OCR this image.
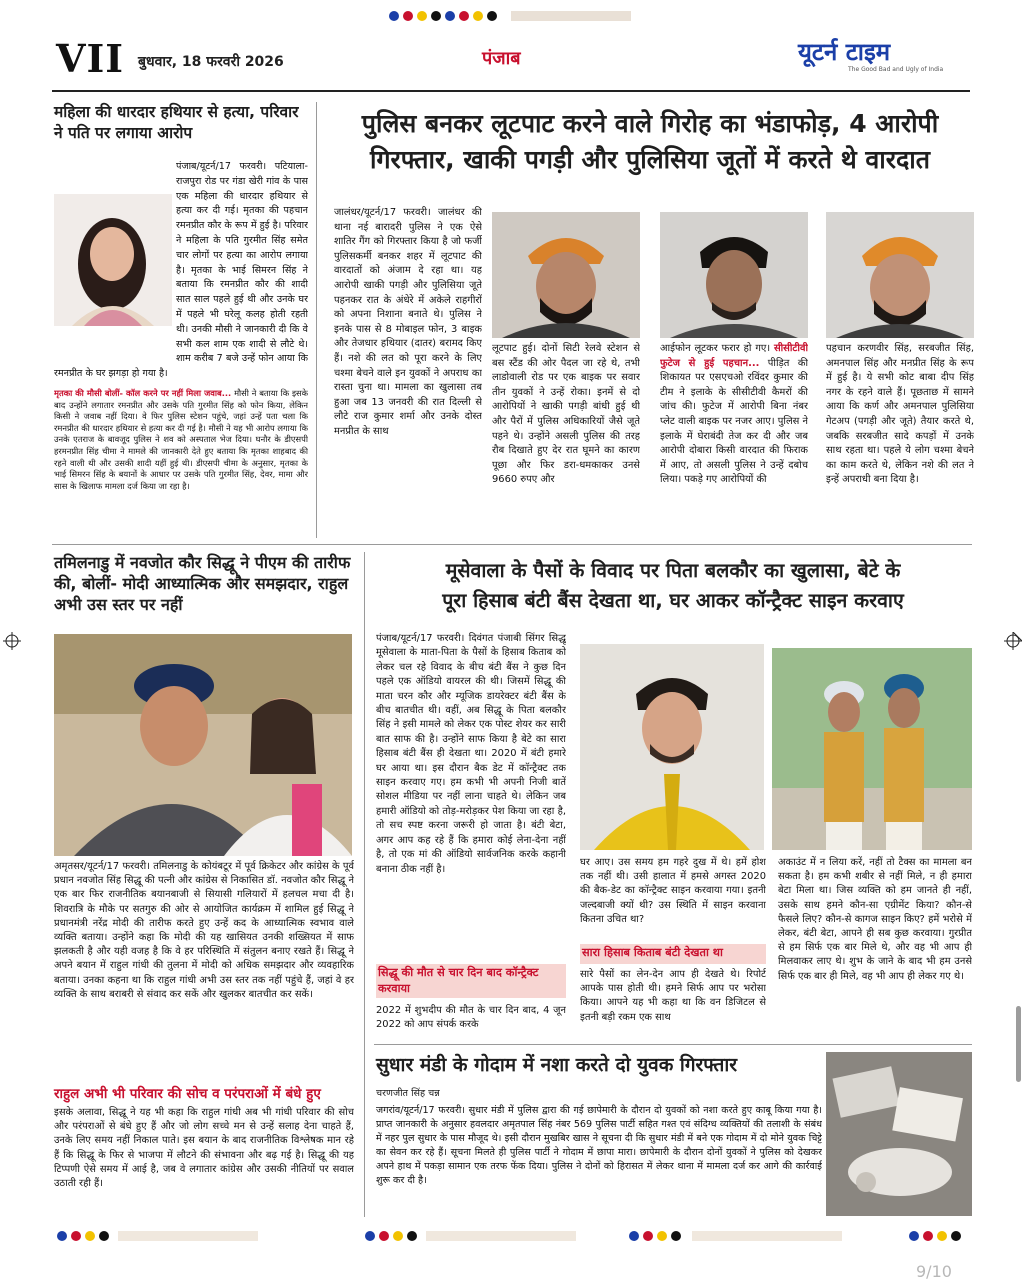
VII बुधवार, 18 फरवरी 2026	पंजाब	यूटर्न टाइम
The Good Bad and Ugly of India
महिला की धारदार हथियार से हत्या, परिवार ने पति पर लगाया आरोप
पंजाब/यूटर्न/17 फरवरी। पटियाला-राजपुरा रोड पर गंडा खेरी गांव के पास एक महिला की धारदार हथियार से हत्या कर दी गई। मृतका की पहचान रमनप्रीत कौर के रूप में हुई है। परिवार ने महिला के पति गुरमीत सिंह समेत चार लोगों पर हत्या का आरोप लगाया है। मृतका के भाई सिमरन सिंह ने बताया कि रमनप्रीत कौर की शादी सात साल पहले हुई थी और उनके घर में पहले भी घरेलू कलह होती रहती थी। उनकी मौसी ने जानकारी दी कि वे सभी कल शाम एक शादी से लौटे थे। शाम करीब 7 बजे उन्हें फोन आया कि रमनप्रीत के घर झगड़ा हो गया है।
मृतका की मौसी बोलीं- कॉल करने पर नहीं मिला जवाब... मौसी ने बताया कि इसके बाद उन्होंने लगातार रमनप्रीत और उसके पति गुरमीत सिंह को फोन किया, लेकिन किसी ने जवाब नहीं दिया। वे फिर पुलिस स्टेशन पहुंचे, जहां उन्हें पता चला कि रमनप्रीत की धारदार हथियार से हत्या कर दी गई है। मौसी ने यह भी आरोप लगाया कि उनके एतराज के बावजूद पुलिस ने शव को अस्पताल भेज दिया। घनौर के डीएसपी हरमनप्रीत सिंह चीमा ने मामले की जानकारी देते हुए बताया कि मृतका शाहबाद की रहने वाली थी और उसकी शादी यहीं हुई थी। डीएसपी चीमा के अनुसार, मृतका के भाई सिमरन सिंह के बयानों के आधार पर उसके पति गुरमीत सिंह, देवर, मामा और सास के खिलाफ मामला दर्ज किया जा रहा है।
पुलिस बनकर लूटपाट करने वाले गिरोह का भंडाफोड़, 4 आरोपी
गिरफ्तार, खाकी पगड़ी और पुलिसिया जूतों में करते थे वारदात
जालंधर/यूटर्न/17 फरवरी। जालंधर की थाना नई बारादरी पुलिस ने एक ऐसे शातिर गैंग को गिरफ्तार किया है जो फर्जी पुलिसकर्मी बनकर शहर में लूटपाट की वारदातों को अंजाम दे रहा था। यह आरोपी खाकी पगड़ी और पुलिसिया जूते पहनकर रात के अंधेरे में अकेले राहगीरों को अपना निशाना बनाते थे। पुलिस ने इनके पास से 8 मोबाइल फोन, 3 बाइक और तेजधार हथियार (दातर) बरामद किए हैं। नशे की लत को पूरा करने के लिए चश्मा बेचने वाले इन युवकों ने अपराध का रास्ता चुना था। मामला का खुलासा तब हुआ जब 13 जनवरी की रात दिल्ली से लौटे राज कुमार शर्मा और उनके दोस्त मनप्रीत के साथ
लूटपाट हुई। दोनों सिटी रेलवे स्टेशन से बस स्टैंड की ओर पैदल जा रहे थे, तभी लाडोवाली रोड पर एक बाइक पर सवार तीन युवकों ने उन्हें रोका। इनमें से दो आरोपियों ने खाकी पगड़ी बांधी हुई थी और पैरों में पुलिस अधिकारियों जैसे जूते पहने थे। उन्होंने असली पुलिस की तरह रौब दिखाते हुए देर रात घूमने का कारण पूछा और फिर डरा-धमकाकर उनसे 9660 रुपए और
आईफोन लूटकर फरार हो गए। सीसीटीवी फुटेज से हुई पहचान... पीड़ित की शिकायत पर एसएचओ रविंदर कुमार की टीम ने इलाके के सीसीटीवी कैमरों की जांच की। फुटेज में आरोपी बिना नंबर प्लेट वाली बाइक पर नजर आए। पुलिस ने इलाके में घेराबंदी तेज कर दी और जब आरोपी दोबारा किसी वारदात की फिराक में आए, तो असली पुलिस ने उन्हें दबोच लिया। पकड़े गए आरोपियों की
पहचान करणवीर सिंह, सरबजीत सिंह, अमनपाल सिंह और मनप्रीत सिंह के रूप में हुई है। ये सभी कोट बाबा दीप सिंह नगर के रहने वाले हैं। पूछताछ में सामने आया कि कर्ण और अमनपाल पुलिसिया गेटअप (पगड़ी और जूते) तैयार करते थे, जबकि सरबजीत सादे कपड़ों में उनके साथ रहता था। पहले ये लोग चश्मा बेचने का काम करते थे, लेकिन नशे की लत ने इन्हें अपराधी बना दिया है।
तमिलनाडु में नवजोत कौर सिद्धू ने पीएम की तारीफ की, बोलीं- मोदी आध्यात्मिक और समझदार, राहुल अभी उस स्तर पर नहीं
अमृतसर/यूटर्न/17 फरवरी। तमिलनाडु के कोयंबटूर में पूर्व क्रिकेटर और कांग्रेस के पूर्व प्रधान नवजोत सिंह सिद्धू की पत्नी और कांग्रेस से निकासित डॉ. नवजोत कौर सिद्धू ने एक बार फिर राजनीतिक बयानबाजी से सियासी गलियारों में हलचल मचा दी है। शिवरात्रि के मौके पर सतगुरु की ओर से आयोजित कार्यक्रम में शामिल हुई सिद्धू ने प्रधानमंत्री नरेंद्र मोदी की तारीफ करते हुए उन्हें कद के आध्यात्मिक स्वभाव वाले व्यक्ति बताया। उन्होंने कहा कि मोदी की यह खासियत उनकी शख्सियत में साफ झलकती है और यही वजह है कि वे हर परिस्थिति में संतुलन बनाए रखते हैं। सिद्धू ने अपने बयान में राहुल गांधी की तुलना में मोदी को अधिक समझदार और व्यवहारिक बताया। उनका कहना था कि राहुल गांधी अभी उस स्तर तक नहीं पहुंचे हैं, जहां वे हर व्यक्ति के साथ बराबरी से संवाद कर सकें और खुलकर बातचीत कर सकें।
राहुल अभी भी परिवार की सोच व परंपराओं में बंधे हुए
इसके अलावा, सिद्धू ने यह भी कहा कि राहुल गांधी अब भी गांधी परिवार की सोच और परंपराओं से बंधे हुए हैं और जो लोग सच्चे मन से उन्हें सलाह देना चाहते हैं, उनके लिए समय नहीं निकाल पाते। इस बयान के बाद राजनीतिक विश्लेषक मान रहे हैं कि सिद्धू के फिर से भाजपा में लौटने की संभावना और बढ़ गई है। सिद्धू की यह टिप्पणी ऐसे समय में आई है, जब वे लगातार कांग्रेस और उसकी नीतियों पर सवाल उठाती रही हैं।
मूसेवाला के पैसों के विवाद पर पिता बलकौर का खुलासा, बेटे के
पूरा हिसाब बंटी बैंस देखता था, घर आकर कॉन्ट्रैक्ट साइन करवाए
पंजाब/यूटर्न/17 फरवरी। दिवंगत पंजाबी सिंगर सिद्धू मूसेवाला के माता-पिता के पैसों के हिसाब किताब को लेकर चल रहे विवाद के बीच बंटी बैंस ने कुछ दिन पहले एक ऑडियो वायरल की थी। जिसमें सिद्धू की माता चरन कौर और म्यूजिक डायरेक्टर बंटी बैंस के बीच बातचीत थी। वहीं, अब सिद्धू के पिता बलकौर सिंह ने इसी मामले को लेकर एक पोस्ट शेयर कर सारी बात साफ की है। उन्होंने साफ किया है बेटे का सारा हिसाब बंटी बैंस ही देखता था। 2020 में बंटी हमारे घर आया था। इस दौरान बैक डेट में कॉन्ट्रैक्ट तक साइन करवाए गए। हम कभी भी अपनी निजी बातें सोशल मीडिया पर नहीं लाना चाहते थे। लेकिन जब हमारी ऑडियो को तोड़-मरोड़कर पेश किया जा रहा है, तो सच स्पष्ट करना जरूरी हो जाता है। बंटी बेटा, अगर आप कह रहे हैं कि हमारा कोई लेना-देना नहीं है, तो एक मां की ऑडियो सार्वजनिक करके कहानी बनाना ठीक नहीं है।
सिद्धू की मौत से चार दिन बाद कॉन्ट्रैक्ट करवाया
2022 में शुभदीप की मौत के चार दिन बाद, 4 जून 2022 को आप संपर्क करके
घर आए। उस समय हम गहरे दुख में थे। हमें होश तक नहीं थी। उसी हालात में हमसे अगस्त 2020 की बैक-डेट का कॉन्ट्रैक्ट साइन करवाया गया। इतनी जल्दबाजी क्यों थी? उस स्थिति में साइन करवाना कितना उचित था?
सारा हिसाब किताब बंटी देखता था
सारे पैसों का लेन-देन आप ही देखते थे। रिपोर्ट आपके पास होती थी। हमने सिर्फ आप पर भरोसा किया। आपने यह भी कहा था कि वन डिजिटल से इतनी बड़ी रकम एक साथ
अकाउंट में न लिया करें, नहीं तो टैक्स का मामला बन सकता है। हम कभी शबीर से नहीं मिले, न ही हमारा बेटा मिला था। जिस व्यक्ति को हम जानते ही नहीं, उसके साथ हमने कौन-सा एग्रीमेंट किया? कौन-से फैसले लिए? कौन-से कागज साइन किए? हमें भरोसे में लेकर, बंटी बेटा, आपने ही सब कुछ करवाया। गुरप्रीत से हम सिर्फ एक बार मिले थे, और वह भी आप ही मिलवाकर लाए थे। शुभ के जाने के बाद भी हम उनसे सिर्फ एक बार ही मिले, वह भी आप ही लेकर गए थे।
सुधार मंडी के गोदाम में नशा करते दो युवक गिरफ्तार
चरणजीत सिंह चन्न
जगरांव/यूटर्न/17 फरवरी। सुधार मंडी में पुलिस द्वारा की गई छापेमारी के दौरान दो युवकों को नशा करते हुए काबू किया गया है। प्राप्त जानकारी के अनुसार हवलदार अमृतपाल सिंह नंबर 569 पुलिस पार्टी सहित गश्त एवं संदिग्ध व्यक्तियों की तलाशी के संबंध में नहर पुल सुधार के पास मौजूद थे। इसी दौरान मुखबिर खास ने सूचना दी कि सुधार मंडी में बने एक गोदाम में दो मोने युवक चिट्टे का सेवन कर रहे हैं। सूचना मिलते ही पुलिस पार्टी ने गोदाम में छापा मारा। छापेमारी के दौरान दोनों युवकों ने पुलिस को देखकर अपने हाथ में पकड़ा सामान एक तरफ फेंक दिया। पुलिस ने दोनों को हिरासत में लेकर थाना में मामला दर्ज कर आगे की कार्रवाई शुरू कर दी है।
9/10
